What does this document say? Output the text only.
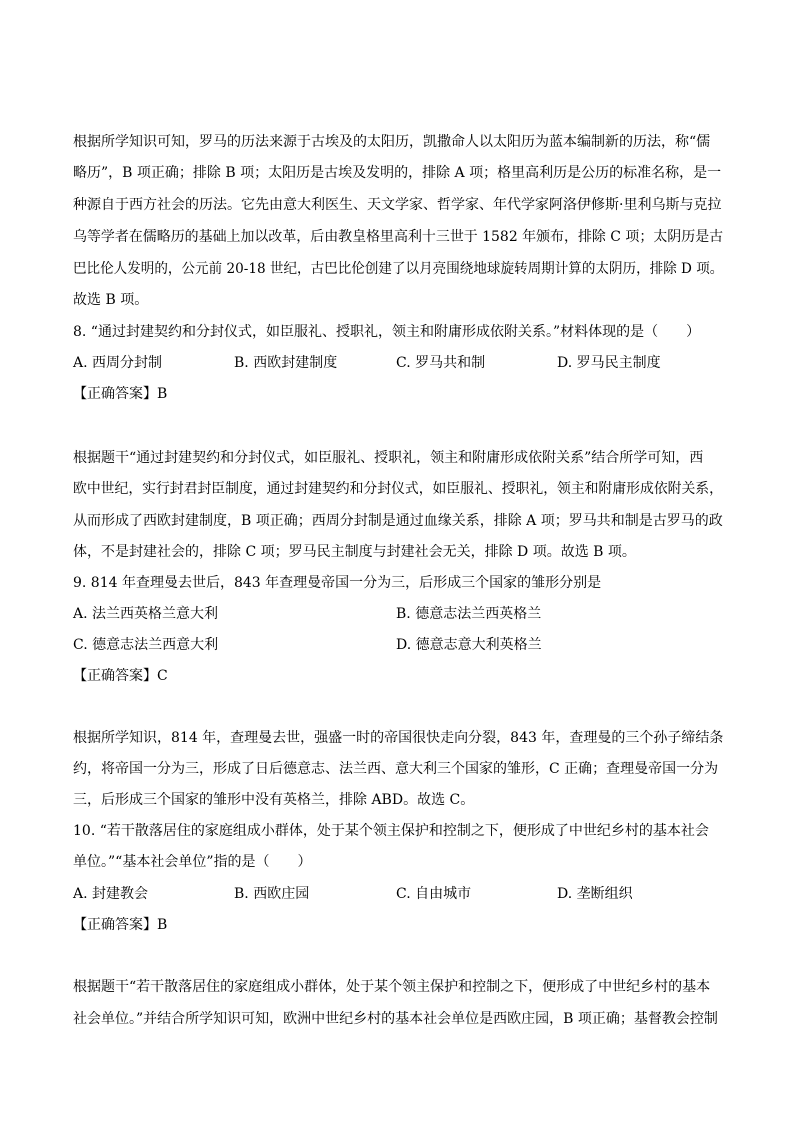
根据所学知识可知，罗马的历法来源于古埃及的太阳历，凯撒命人以太阳历为蓝本编制新的历法，称“儒
略历”，B 项正确；排除 B 项；太阳历是古埃及发明的，排除 A 项；格里高利历是公历的标准名称，是一
种源自于西方社会的历法。它先由意大利医生、天文学家、哲学家、年代学家阿洛伊修斯·里利乌斯与克拉
乌等学者在儒略历的基础上加以改革，后由教皇格里高利十三世于 1582 年颁布，排除 C 项；太阴历是古
巴比伦人发明的，公元前 20-18 世纪，古巴比伦创建了以月亮围绕地球旋转周期计算的太阴历，排除 D 项。
故选 B 项。
8. “通过封建契约和分封仪式，如臣服礼、授职礼，领主和附庸形成依附关系。”材料体现的是（　　）
A. 西周分封制	B. 西欧封建制度	C. 罗马共和制	D. 罗马民主制度
【正确答案】B
根据题干“通过封建契约和分封仪式，如臣服礼、授职礼，领主和附庸形成依附关系”结合所学可知，西
欧中世纪，实行封君封臣制度，通过封建契约和分封仪式，如臣服礼、授职礼，领主和附庸形成依附关系，
从而形成了西欧封建制度，B 项正确；西周分封制是通过血缘关系，排除 A 项；罗马共和制是古罗马的政
体，不是封建社会的，排除 C 项；罗马民主制度与封建社会无关，排除 D 项。故选 B 项。
9. 814 年查理曼去世后，843 年查理曼帝国一分为三，后形成三个国家的雏形分别是
A. 法兰西英格兰意大利	B. 德意志法兰西英格兰
C. 德意志法兰西意大利	D. 德意志意大利英格兰
【正确答案】C
根据所学知识，814 年，查理曼去世，强盛一时的帝国很快走向分裂，843 年，查理曼的三个孙子缔结条
约，将帝国一分为三，形成了日后德意志、法兰西、意大利三个国家的雏形，C 正确；查理曼帝国一分为
三，后形成三个国家的雏形中没有英格兰，排除 ABD。故选 C。
10. “若干散落居住的家庭组成小群体，处于某个领主保护和控制之下，便形成了中世纪乡村的基本社会
单位。”“基本社会单位”指的是（　　）
A. 封建教会	B. 西欧庄园	C. 自由城市	D. 垄断组织
【正确答案】B
根据题干“若干散落居住的家庭组成小群体，处于某个领主保护和控制之下，便形成了中世纪乡村的基本
社会单位。”并结合所学知识可知，欧洲中世纪乡村的基本社会单位是西欧庄园，B 项正确；基督教会控制
